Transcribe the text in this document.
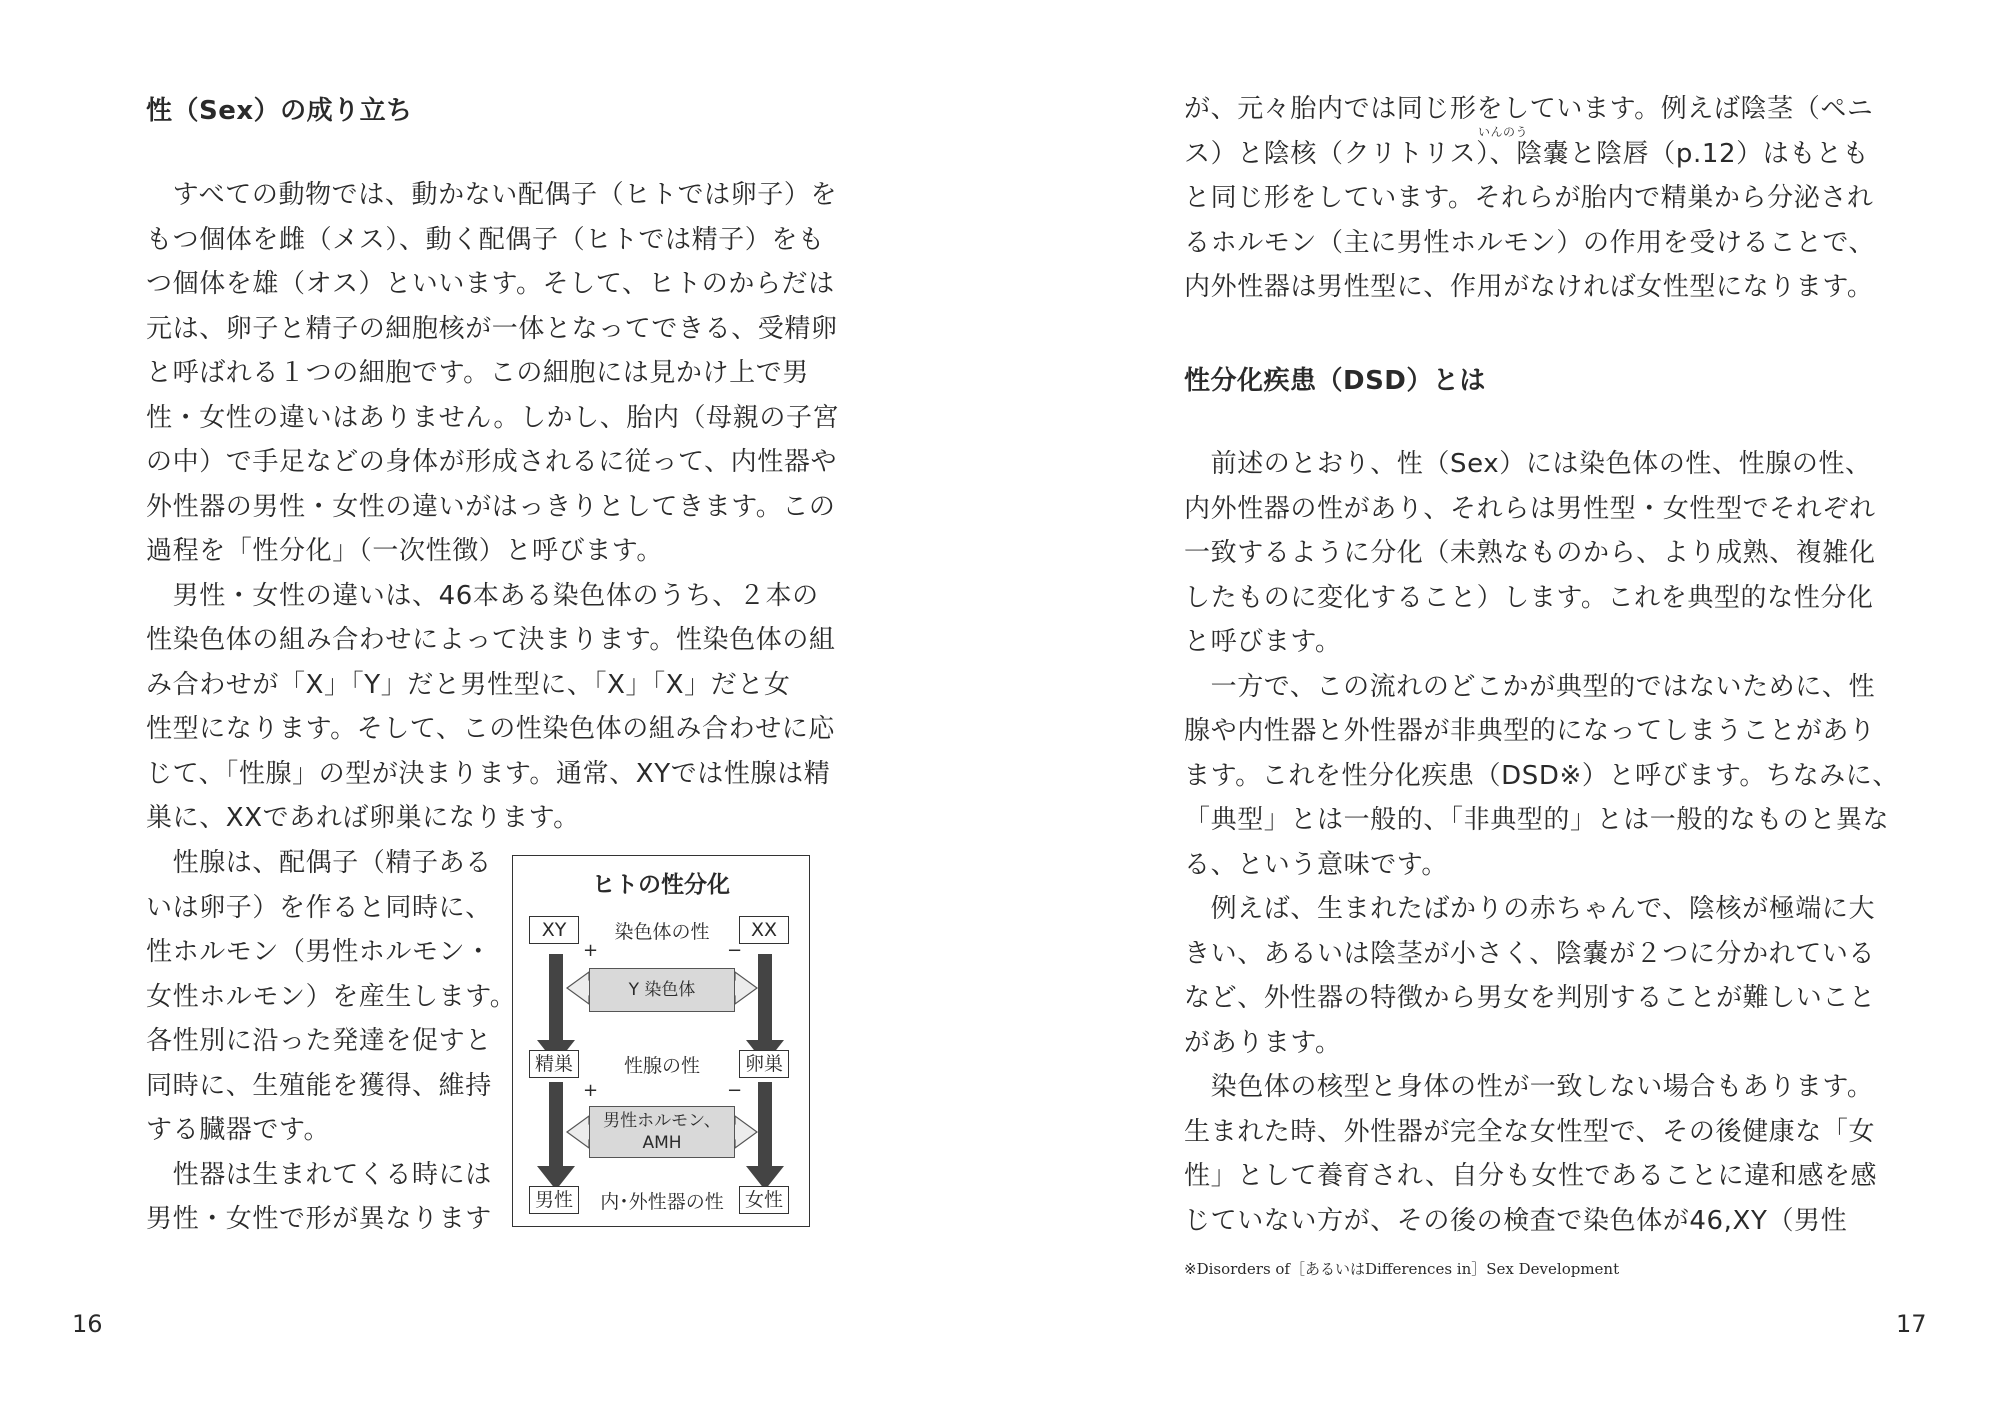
性（Sex）の成り立ち
　すべての動物では、動かない配偶子（ヒトでは卵子）を
もつ個体を雌（メス）、動く配偶子（ヒトでは精子）をも
つ個体を雄（オス）といいます。そして、ヒトのからだは
元は、卵子と精子の細胞核が一体となってできる、受精卵
と呼ばれる１つの細胞です。この細胞には見かけ上で男
性・女性の違いはありません。しかし、胎内（母親の子宮
の中）で手足などの身体が形成されるに従って、内性器や
外性器の男性・女性の違いがはっきりとしてきます。この
過程を「性分化」（一次性徴）と呼びます。
　男性・女性の違いは、46本ある染色体のうち、２本の
性染色体の組み合わせによって決まります。性染色体の組
み合わせが「X」「Y」だと男性型に、「X」「X」だと女
性型になります。そして、この性染色体の組み合わせに応
じて、「性腺」の型が決まります。通常、XYでは性腺は精
巣に、XXであれば卵巣になります。
　性腺は、配偶子（精子ある
いは卵子）を作ると同時に、
性ホルモン（男性ホルモン・
女性ホルモン）を産生します。
各性別に沿った発達を促すと
同時に、生殖能を獲得、維持
する臓器です。
　性器は生まれてくる時には
男性・女性で形が異なります
ヒトの性分化
XY	染色体の性	XX
+	−
Y 染色体
精巣	性腺の性	卵巣
+	−
男性ホルモン、
AMH
男性	内･外性器の性	女性
16
が、元々胎内では同じ形をしています。例えば陰茎（ペニ
ス）と陰核（クリトリス）、陰嚢と陰唇（p.12）はもとも
と同じ形をしています。それらが胎内で精巣から分泌され
るホルモン（主に男性ホルモン）の作用を受けることで、
内外性器は男性型に、作用がなければ女性型になります。
いんのう
性分化疾患（DSD）とは
　前述のとおり、性（Sex）には染色体の性、性腺の性、
内外性器の性があり、それらは男性型・女性型でそれぞれ
一致するように分化（未熟なものから、より成熟、複雑化
したものに変化すること）します。これを典型的な性分化
と呼びます。
　一方で、この流れのどこかが典型的ではないために、性
腺や内性器と外性器が非典型的になってしまうことがあり
ます。これを性分化疾患（DSD※）と呼びます。ちなみに、
「典型」とは一般的、「非典型的」とは一般的なものと異な
る、という意味です。
　例えば、生まれたばかりの赤ちゃんで、陰核が極端に大
きい、あるいは陰茎が小さく、陰嚢が２つに分かれている
など、外性器の特徴から男女を判別することが難しいこと
があります。
　染色体の核型と身体の性が一致しない場合もあります。
生まれた時、外性器が完全な女性型で、その後健康な「女
性」として養育され、自分も女性であることに違和感を感
じていない方が、その後の検査で染色体が46,XY（男性
※Disorders of［あるいはDifferences in］Sex Development
17
